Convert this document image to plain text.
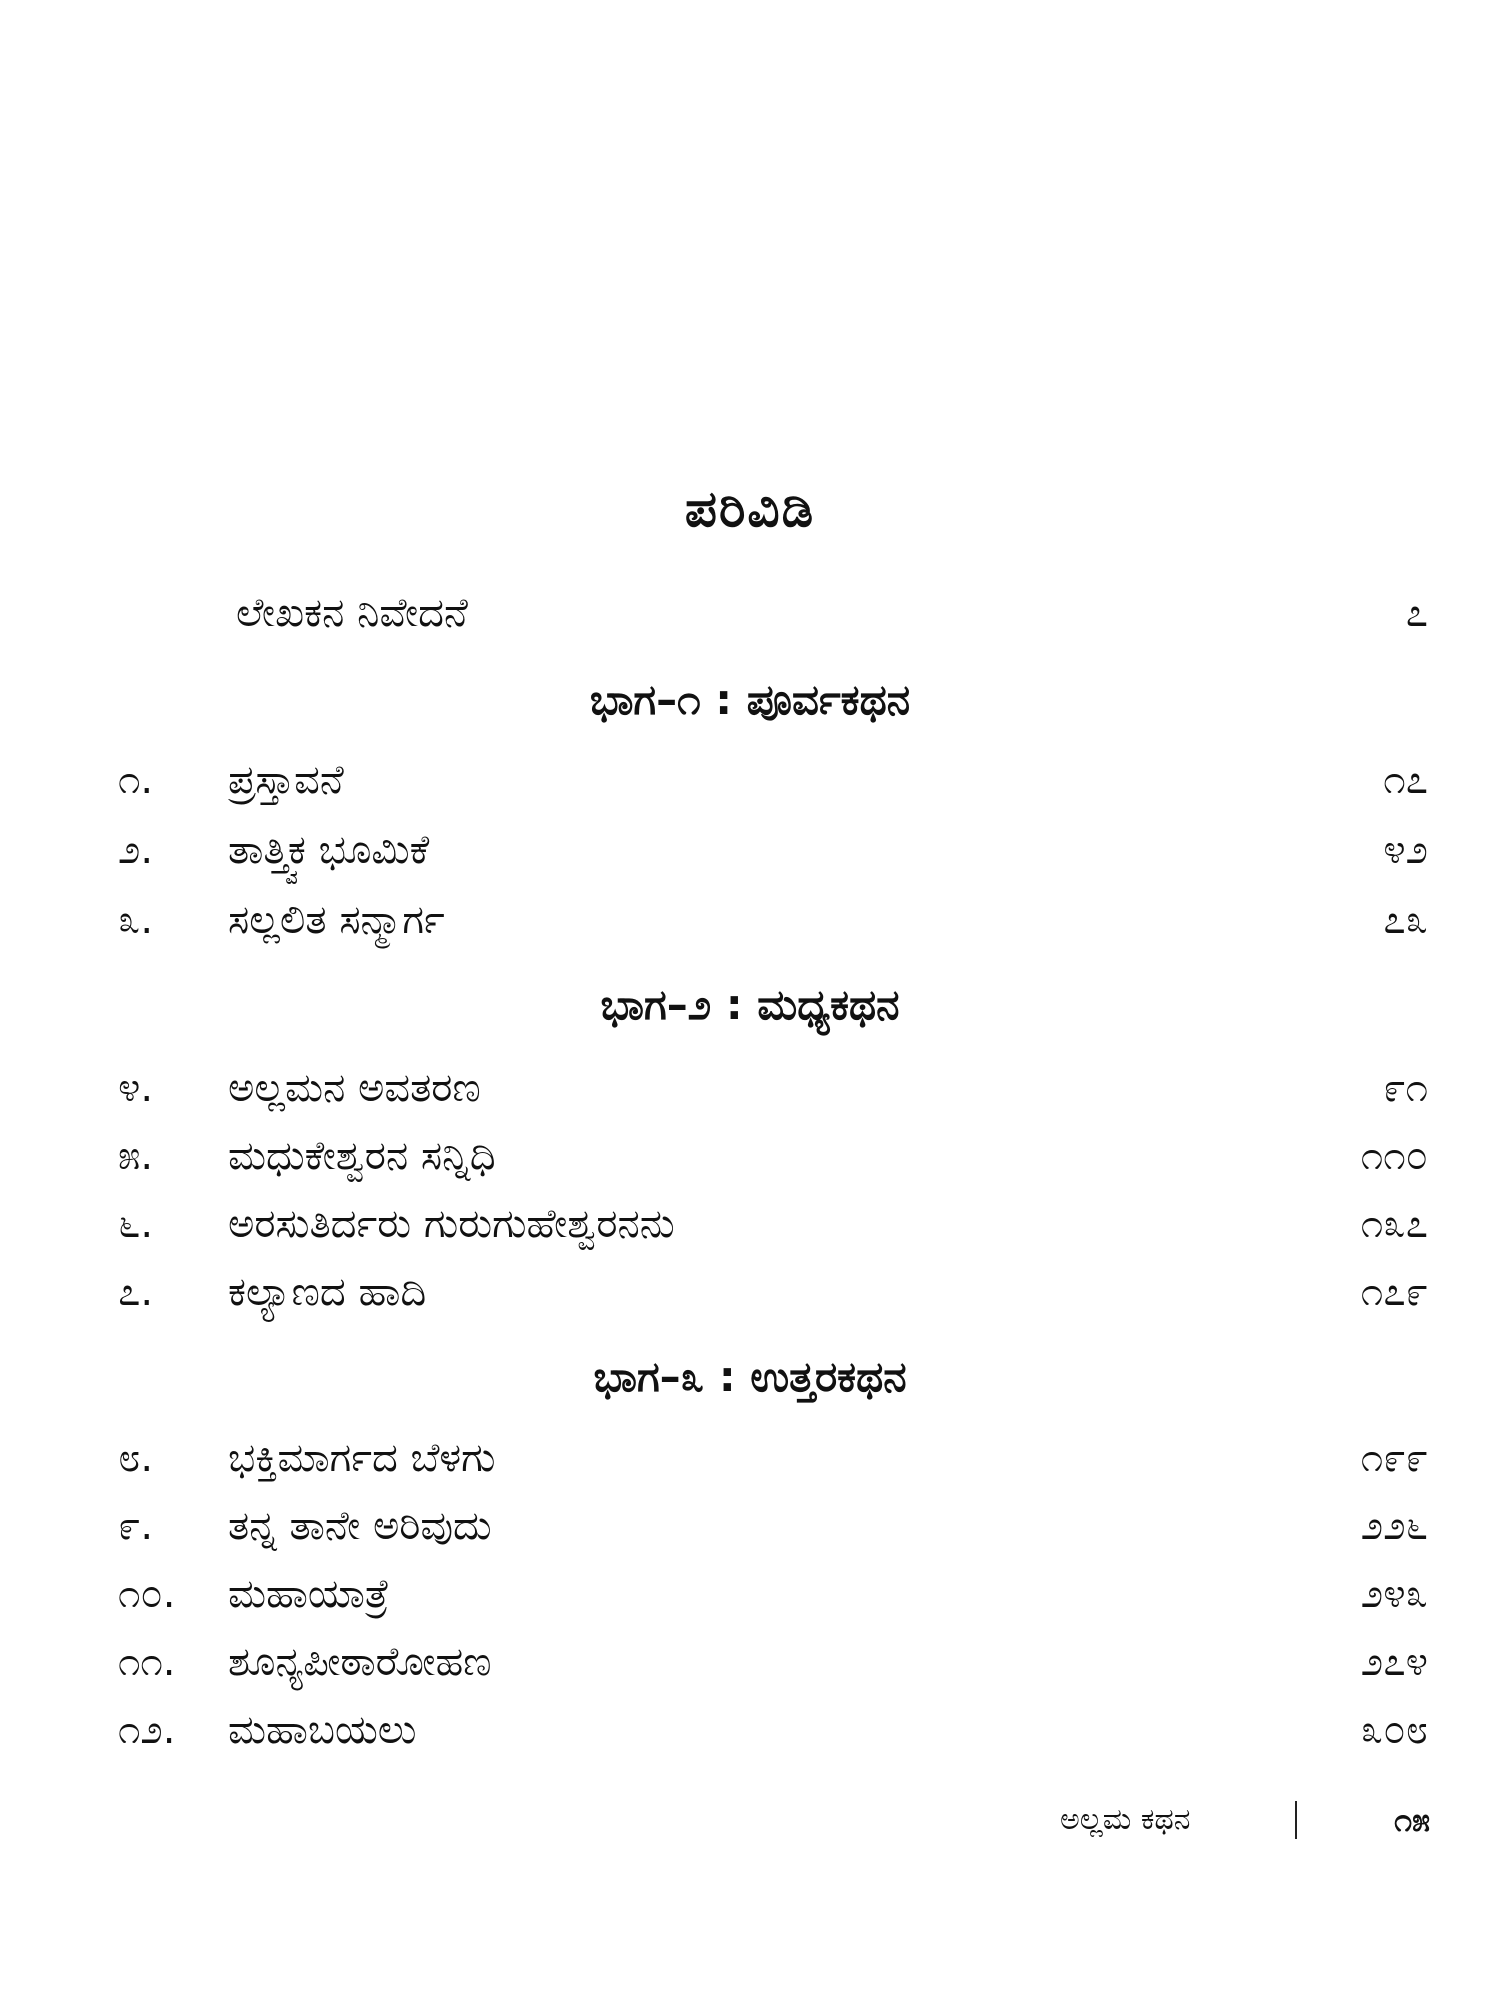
ಪರಿವಿಡಿ
ಲೇಖಕನ ನಿವೇದನೆ	೭
ಭಾಗ–೧ : ಪೂರ್ವಕಥನ
೧.	ಪ್ರಸ್ತಾವನೆ	೧೭
೨.	ತಾತ್ತ್ವಿಕ ಭೂಮಿಕೆ	೪೨
೩.	ಸಲ್ಲಲಿತ ಸನ್ಮಾರ್ಗ	೭೩
ಭಾಗ–೨ : ಮಧ್ಯಕಥನ
೪.	ಅಲ್ಲಮನ ಅವತರಣ	೯೧
೫.	ಮಧುಕೇಶ್ವರನ ಸನ್ನಿಧಿ	೧೧೦
೬.	ಅರಸುತಿರ್ದರು ಗುರುಗುಹೇಶ್ವರನನು	೧೩೭
೭.	ಕಲ್ಯಾಣದ ಹಾದಿ	೧೭೯
ಭಾಗ–೩ : ಉತ್ತರಕಥನ
೮.	ಭಕ್ತಿಮಾರ್ಗದ ಬೆಳಗು	೧೯೯
೯.	ತನ್ನ ತಾನೇ ಅರಿವುದು	೨೨೬
೧೦.	ಮಹಾಯಾತ್ರೆ	೨೪೩
೧೧.	ಶೂನ್ಯಪೀಠಾರೋಹಣ	೨೭೪
೧೨.	ಮಹಾಬಯಲು	೩೦೮
ಅಲ್ಲಮ ಕಥನ	೧೫
